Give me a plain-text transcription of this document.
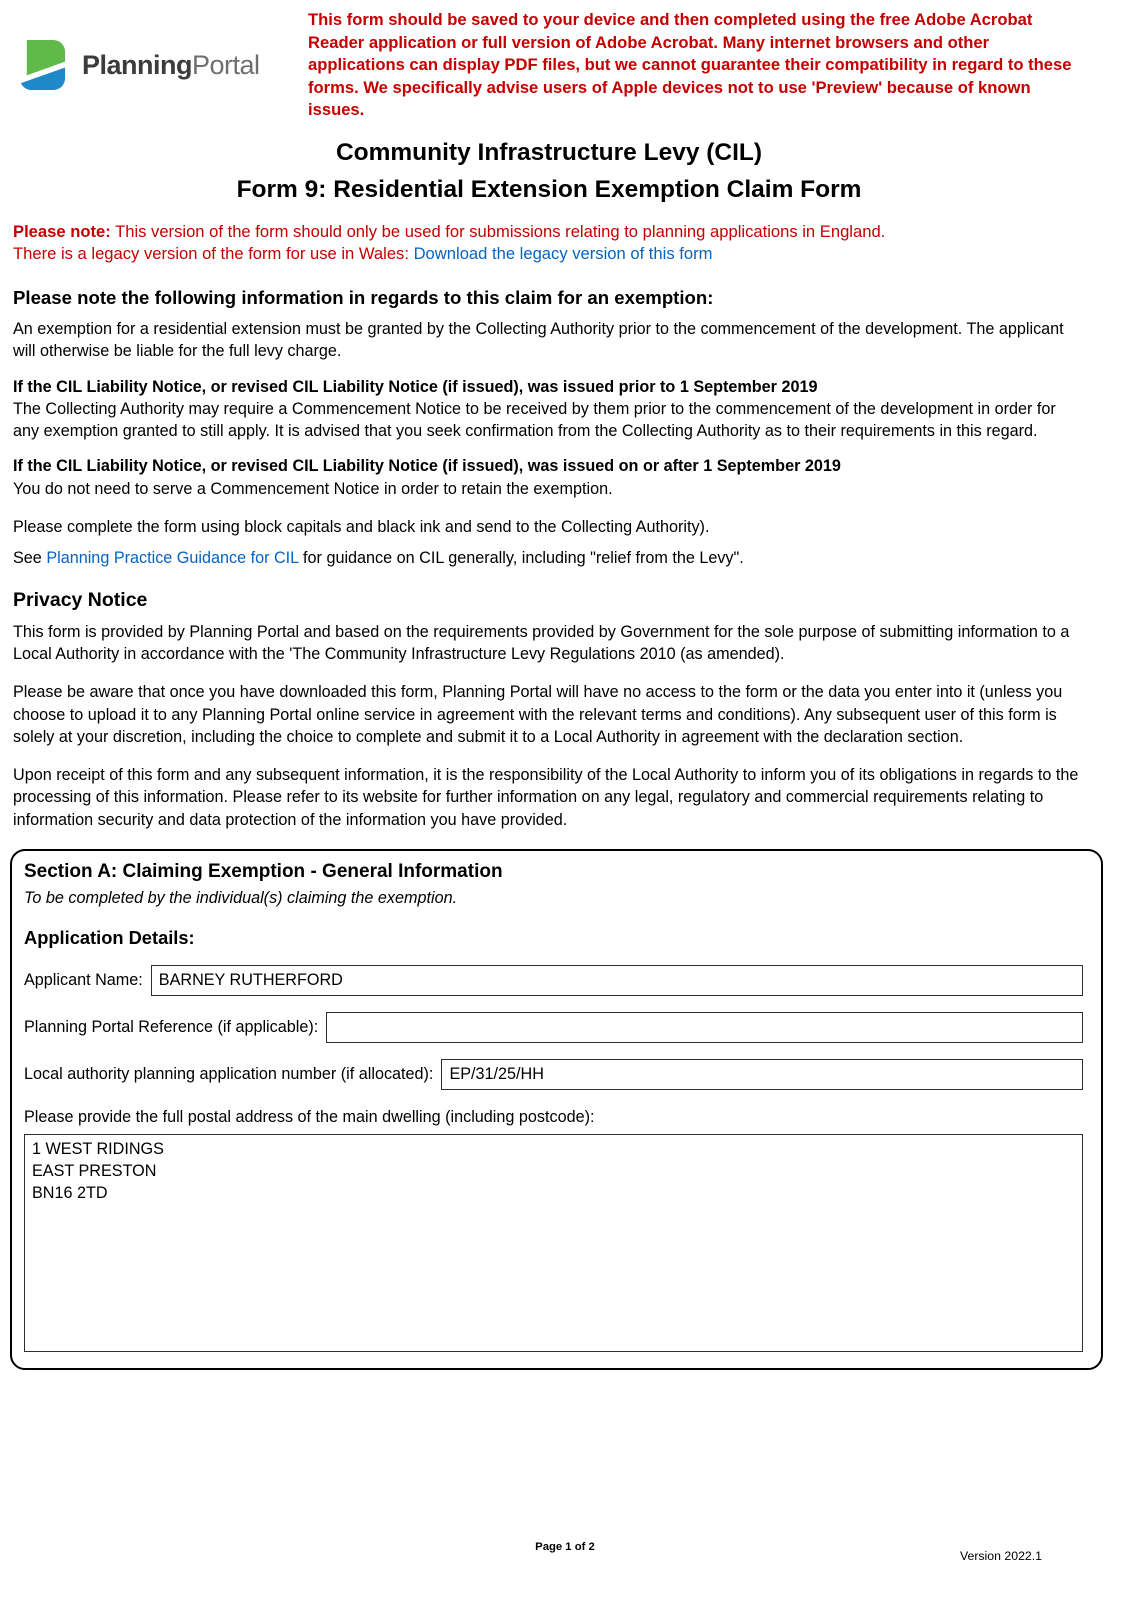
PlanningPortal
This form should be saved to your device and then completed using the free Adobe Acrobat Reader application or full version of Adobe Acrobat. Many internet browsers and other applications can display PDF files, but we cannot guarantee their compatibility in regard to these forms. We specifically advise users of Apple devices not to use 'Preview' because of known issues.
Community Infrastructure Levy (CIL)
Form 9: Residential Extension Exemption Claim Form
Please note: This version of the form should only be used for submissions relating to planning applications in England.
There is a legacy version of the form for use in Wales: Download the legacy version of this form
Please note the following information in regards to this claim for an exemption:

An exemption for a residential extension must be granted by the Collecting Authority prior to the commencement of the development. The applicant will otherwise be liable for the full levy charge.

If the CIL Liability Notice, or revised CIL Liability Notice (if issued), was issued prior to 1 September 2019

The Collecting Authority may require a Commencement Notice to be received by them prior to the commencement of the development in order for any exemption granted to still apply. It is advised that you seek confirmation from the Collecting Authority as to their requirements in this regard.

If the CIL Liability Notice, or revised CIL Liability Notice (if issued), was issued on or after 1 September 2019

You do not need to serve a Commencement Notice in order to retain the exemption.

Please complete the form using block capitals and black ink and send to the Collecting Authority).

See Planning Practice Guidance for CIL for guidance on CIL generally, including "relief from the Levy".

Privacy Notice

This form is provided by Planning Portal and based on the requirements provided by Government for the sole purpose of submitting information to a Local Authority in accordance with the 'The Community Infrastructure Levy Regulations 2010 (as amended).

Please be aware that once you have downloaded this form, Planning Portal will have no access to the form or the data you enter into it (unless you choose to upload it to any Planning Portal online service in agreement with the relevant terms and conditions). Any subsequent user of this form is solely at your discretion, including the choice to complete and submit it to a Local Authority in agreement with the declaration section.

Upon receipt of this form and any subsequent information, it is the responsibility of the Local Authority to inform you of its obligations in regards to the processing of this information. Please refer to its website for further information on any legal, regulatory and commercial requirements relating to information security and data protection of the information you have provided.

Section A: Claiming Exemption - General Information
To be completed by the individual(s) claiming the exemption.
Application Details:
Applicant Name:
BARNEY RUTHERFORD
Planning Portal Reference (if applicable):
Local authority planning application number (if allocated):
EP/31/25/HH
Please provide the full postal address of the main dwelling (including postcode):
1 WEST RIDINGS EAST PRESTON BN16 2TD
Page 1 of 2
Version 2022.1
